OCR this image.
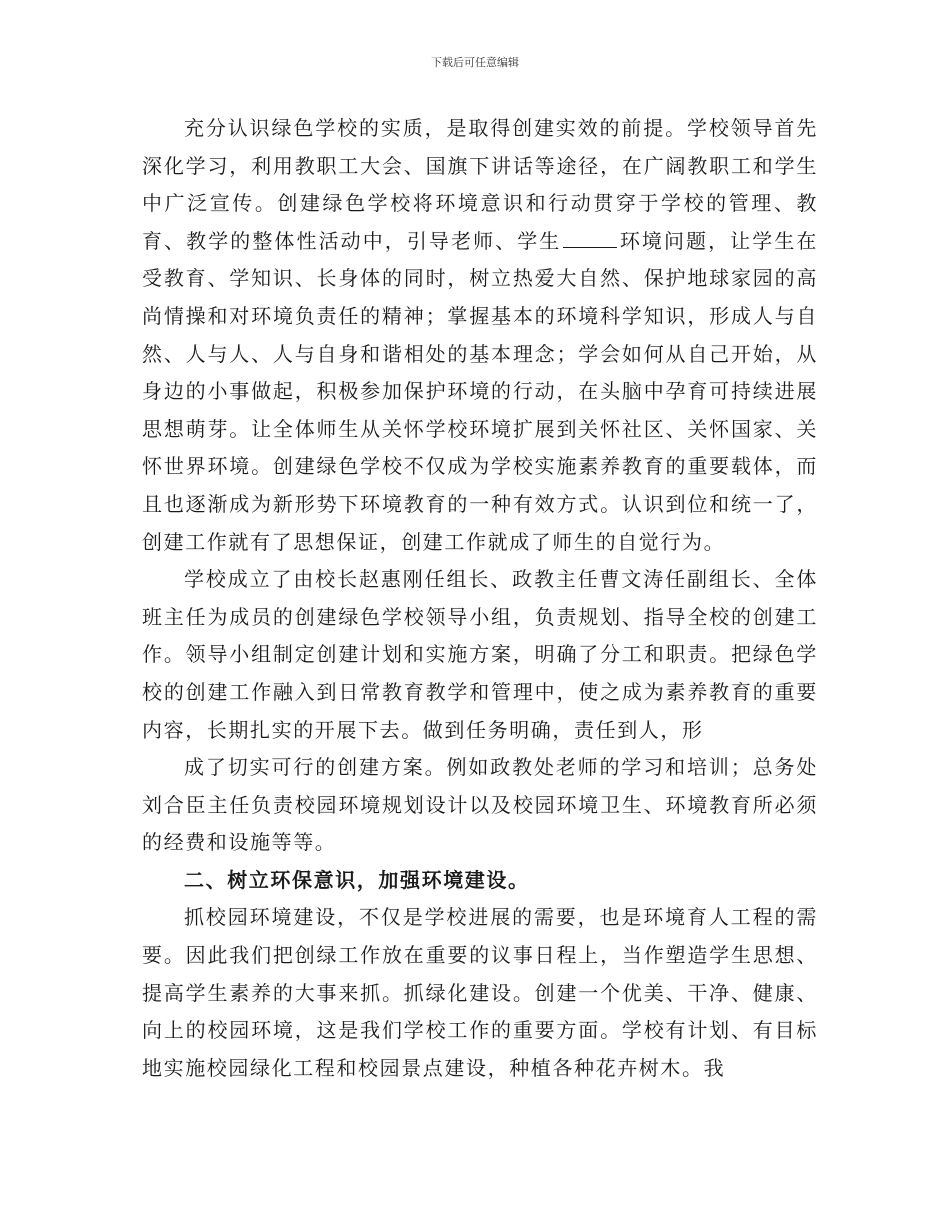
下载后可任意编辑

充分认识绿色学校的实质，是取得创建实效的前提。学校领导首先深化学习，利用教职工大会、国旗下讲话等途径，在广阔教职工和学生中广泛宣传。创建绿色学校将环境意识和行动贯穿于学校的管理、教育、教学的整体性活动中，引导老师、学生	环境问题，让学生在受教育、学知识、长身体的同时，树立热爱大自然、保护地球家园的高尚情操和对环境负责任的精神；掌握基本的环境科学知识，形成人与自然、人与人、人与自身和谐相处的基本理念；学会如何从自己开始，从身边的小事做起，积极参加保护环境的行动，在头脑中孕育可持续进展思想萌芽。让全体师生从关怀学校环境扩展到关怀社区、关怀国家、关怀世界环境。创建绿色学校不仅成为学校实施素养教育的重要载体，而且也逐渐成为新形势下环境教育的一种有效方式。认识到位和统一了，创建工作就有了思想保证，创建工作就成了师生的自觉行为。

学校成立了由校长赵惠刚任组长、政教主任曹文涛任副组长、全体班主任为成员的创建绿色学校领导小组，负责规划、指导全校的创建工作。领导小组制定创建计划和实施方案，明确了分工和职责。把绿色学校的创建工作融入到日常教育教学和管理中，使之成为素养教育的重要内容，长期扎实的开展下去。做到任务明确，责任到人，形

成了切实可行的创建方案。例如政教处老师的学习和培训；总务处刘合臣主任负责校园环境规划设计以及校园环境卫生、环境教育所必须的经费和设施等等。

二、树立环保意识，加强环境建设。

抓校园环境建设，不仅是学校进展的需要，也是环境育人工程的需要。因此我们把创绿工作放在重要的议事日程上，当作塑造学生思想、提高学生素养的大事来抓。抓绿化建设。创建一个优美、干净、健康、向上的校园环境，这是我们学校工作的重要方面。学校有计划、有目标地实施校园绿化工程和校园景点建设，种植各种花卉树木。我
